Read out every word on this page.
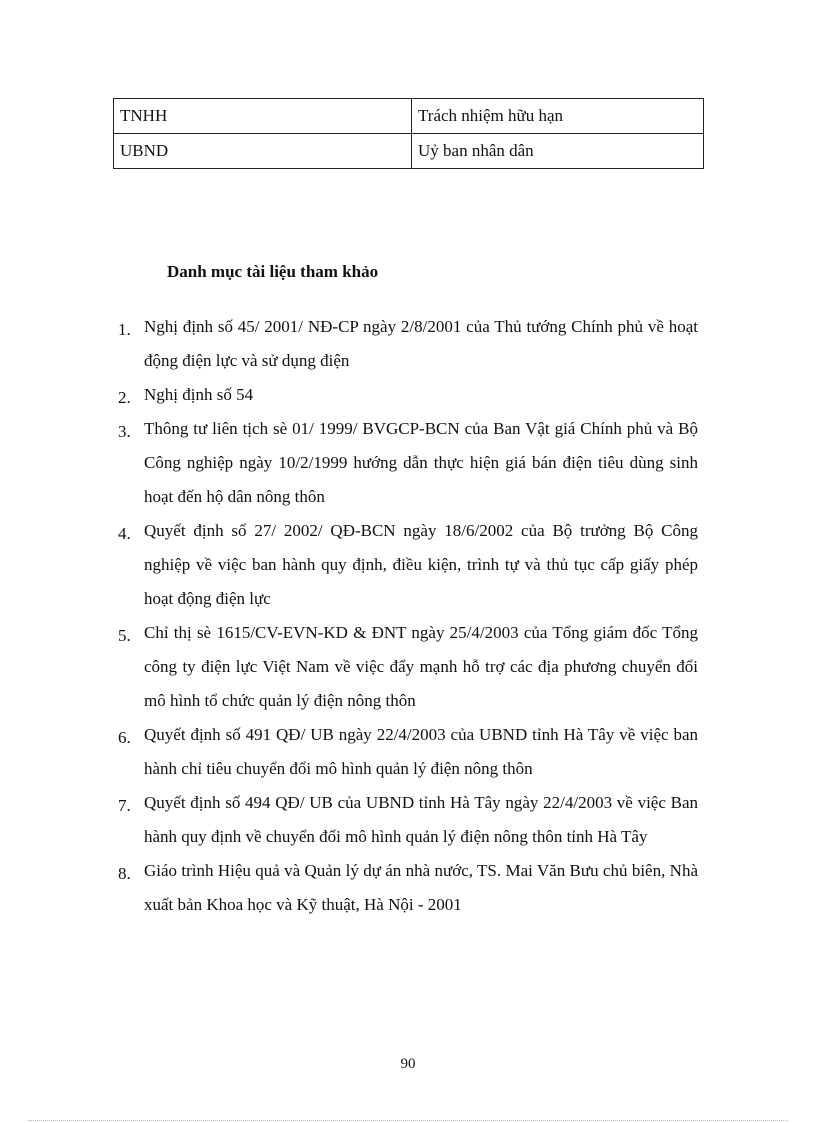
TNHH	Trách nhiệm hữu hạn
UBND	Uỷ ban nhân dân
Danh mục tài liệu tham khảo
1. Nghị định số 45/ 2001/ NĐ-CP ngày 2/8/2001 của Thủ tướng Chính phủ về hoạt động điện lực và sử dụng điện
2. Nghị định số 54
3. Thông tư liên tịch sè 01/ 1999/ BVGCP-BCN của Ban Vật giá Chính phủ và Bộ Công nghiệp ngày 10/2/1999 hướng dẫn thực hiện giá bán điện tiêu dùng sinh hoạt đến hộ dân nông thôn
4. Quyết định số 27/ 2002/ QĐ-BCN ngày 18/6/2002 của Bộ trưởng Bộ Công nghiệp về việc ban hành quy định, điều kiện, trình tự và thủ tục cấp giấy phép hoạt động điện lực
5. Chỉ thị sè 1615/CV-EVN-KD & ĐNT ngày 25/4/2003 của Tổng giám đốc Tổng công ty điện lực Việt Nam về việc đẩy mạnh hỗ trợ các địa phương chuyển đổi mô hình tổ chức quản lý điện nông thôn
6. Quyết định số 491 QĐ/ UB ngày 22/4/2003 của UBND tỉnh Hà Tây về việc ban hành chỉ tiêu chuyển đổi mô hình quản lý điện nông thôn
7. Quyết định số 494 QĐ/ UB của UBND tỉnh Hà Tây ngày 22/4/2003 về việc Ban hành quy định về chuyển đổi mô hình quản lý điện nông thôn tỉnh Hà Tây
8. Giáo trình Hiệu quả và Quản lý dự án nhà nước, TS. Mai Văn Bưu chủ biên, Nhà xuất bản Khoa học và Kỹ thuật, Hà Nội - 2001
90
